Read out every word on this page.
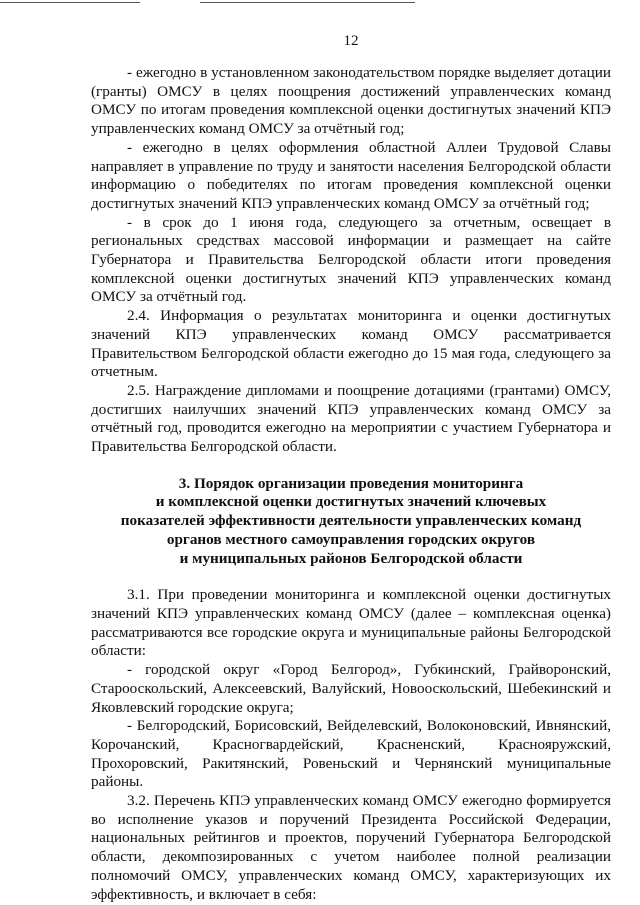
12

- ежегодно в установленном законодательством порядке выделяет дотации (гранты) ОМСУ в целях поощрения достижений управленческих команд ОМСУ по итогам проведения комплексной оценки достигнутых значений КПЭ управленческих команд ОМСУ за отчётный год;

- ежегодно в целях оформления областной Аллеи Трудовой Славы направляет в управление по труду и занятости населения Белгородской области информацию о победителях по итогам проведения комплексной оценки достигнутых значений КПЭ управленческих команд ОМСУ за отчётный год;

- в срок до 1 июня года, следующего за отчетным, освещает в региональных средствах массовой информации и размещает на сайте Губернатора и Правительства Белгородской области итоги проведения комплексной оценки достигнутых значений КПЭ управленческих команд ОМСУ за отчётный год.

2.4. Информация о результатах мониторинга и оценки достигнутых значений КПЭ управленческих команд ОМСУ рассматривается Правительством Белгородской области ежегодно до 15 мая года, следующего за отчетным.

2.5. Награждение дипломами и поощрение дотациями (грантами) ОМСУ, достигших наилучших значений КПЭ управленческих команд ОМСУ за отчётный год, проводится ежегодно на мероприятии с участием Губернатора и Правительства Белгородской области.

3. Порядок организации проведения мониторинга
и комплексной оценки достигнутых значений ключевых
показателей эффективности деятельности управленческих команд
органов местного самоуправления городских округов
и муниципальных районов Белгородской области

3.1. При проведении мониторинга и комплексной оценки достигнутых значений КПЭ управленческих команд ОМСУ (далее – комплексная оценка) рассматриваются все городские округа и муниципальные районы Белгородской области:

- городской округ «Город Белгород», Губкинский, Грайворонский, Старооскольский, Алексеевский, Валуйский, Новооскольский, Шебекинский и Яковлевский городские округа;

- Белгородский, Борисовский, Вейделевский, Волоконовский, Ивнянский, Корочанский, Красногвардейский, Красненский, Краснояружский, Прохоровский, Ракитянский, Ровеньский и Чернянский муниципальные районы.

3.2. Перечень КПЭ управленческих команд ОМСУ ежегодно формируется во исполнение указов и поручений Президента Российской Федерации, национальных рейтингов и проектов, поручений Губернатора Белгородской области, декомпозированных с учетом наиболее полной реализации полномочий ОМСУ, управленческих команд ОМСУ, характеризующих их эффективность, и включает в себя:
